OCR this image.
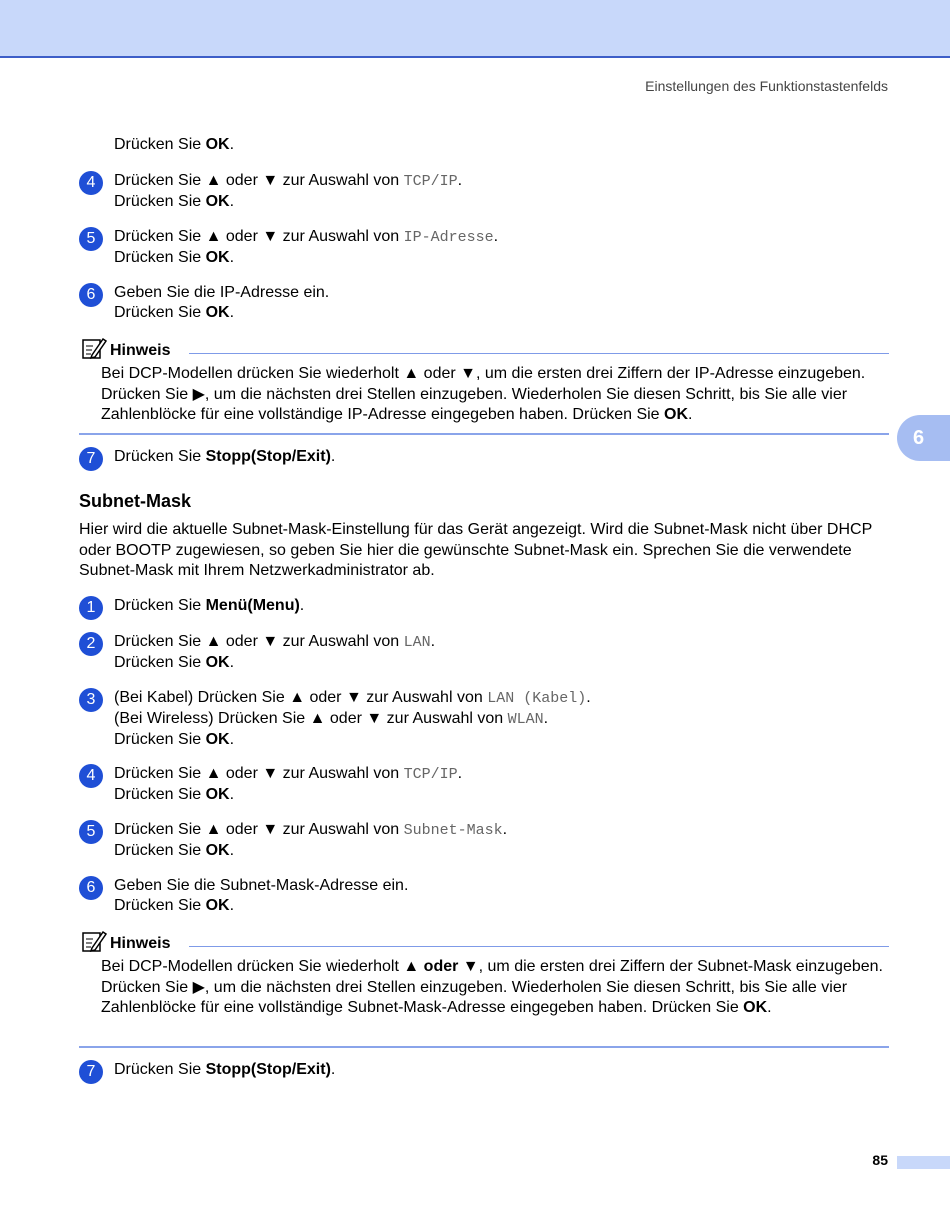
Einstellungen des Funktionstastenfelds
6
Drücken Sie OK.
4	Drücken Sie ▲ oder ▼ zur Auswahl von TCP/IP.
Drücken Sie OK.
5	Drücken Sie ▲ oder ▼ zur Auswahl von IP-Adresse.
Drücken Sie OK.
6	Geben Sie die IP-Adresse ein.
Drücken Sie OK.
Hinweis
Bei DCP-Modellen drücken Sie wiederholt ▲ oder ▼, um die ersten drei Ziffern der IP-Adresse einzugeben. Drücken Sie ▶, um die nächsten drei Stellen einzugeben. Wiederholen Sie diesen Schritt, bis Sie alle vier Zahlenblöcke für eine vollständige IP-Adresse eingegeben haben. Drücken Sie OK.
7	Drücken Sie Stopp(Stop/Exit).
Subnet-Mask
Hier wird die aktuelle Subnet-Mask-Einstellung für das Gerät angezeigt. Wird die Subnet-Mask nicht über DHCP oder BOOTP zugewiesen, so geben Sie hier die gewünschte Subnet-Mask ein. Sprechen Sie die verwendete Subnet-Mask mit Ihrem Netzwerkadministrator ab.
1	Drücken Sie Menü(Menu).
2	Drücken Sie ▲ oder ▼ zur Auswahl von LAN.
Drücken Sie OK.
3	(Bei Kabel) Drücken Sie ▲ oder ▼ zur Auswahl von LAN (Kabel).
(Bei Wireless) Drücken Sie ▲ oder ▼ zur Auswahl von WLAN.
Drücken Sie OK.
4	Drücken Sie ▲ oder ▼ zur Auswahl von TCP/IP.
Drücken Sie OK.
5	Drücken Sie ▲ oder ▼ zur Auswahl von Subnet-Mask.
Drücken Sie OK.
6	Geben Sie die Subnet-Mask-Adresse ein.
Drücken Sie OK.
Hinweis
Bei DCP-Modellen drücken Sie wiederholt ▲ oder ▼, um die ersten drei Ziffern der Subnet-Mask einzugeben. Drücken Sie ▶, um die nächsten drei Stellen einzugeben. Wiederholen Sie diesen Schritt, bis Sie alle vier Zahlenblöcke für eine vollständige Subnet-Mask-Adresse eingegeben haben. Drücken Sie OK.
7	Drücken Sie Stopp(Stop/Exit).
85
